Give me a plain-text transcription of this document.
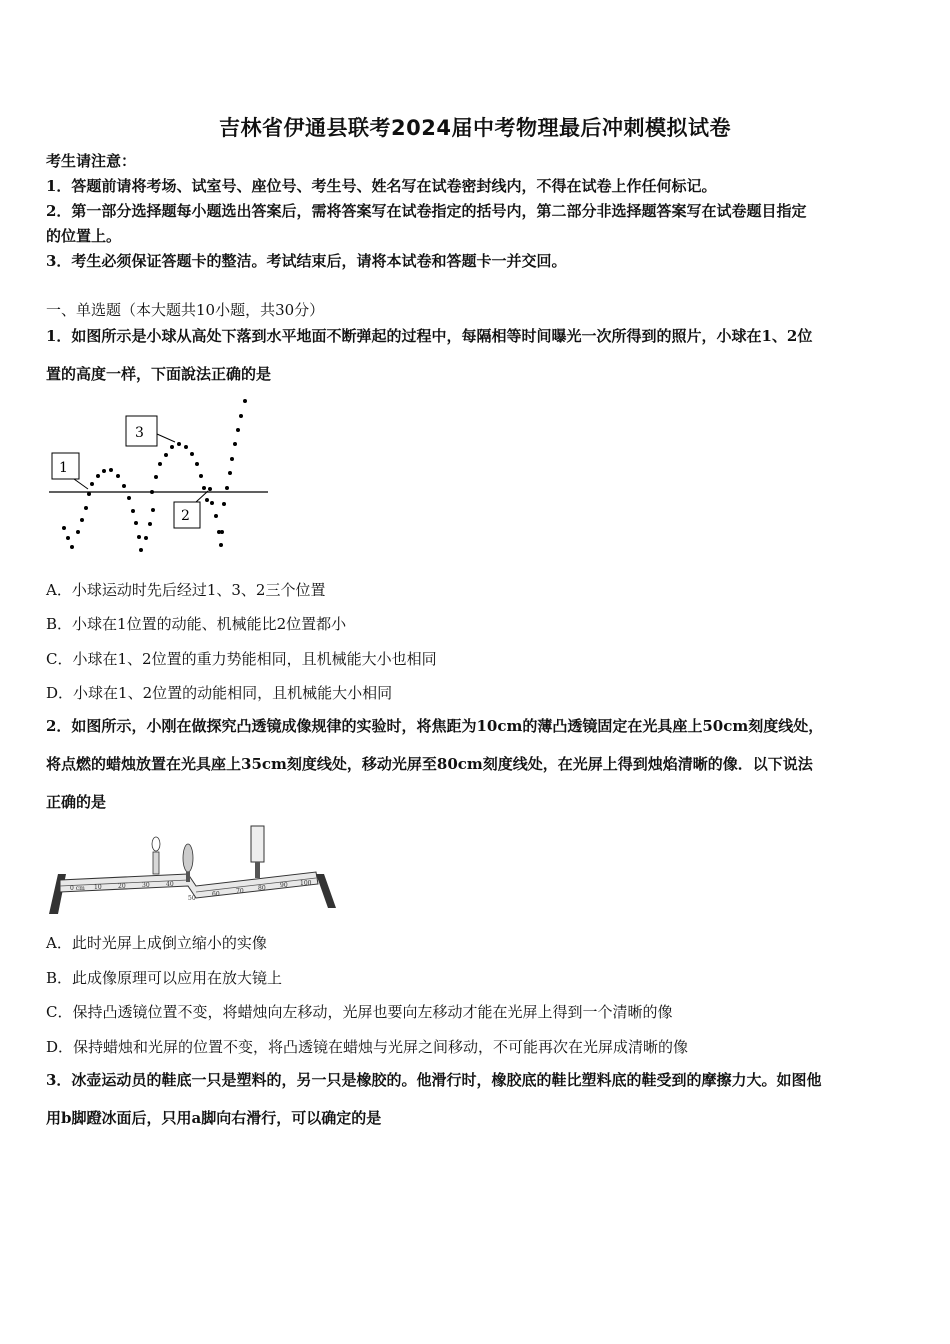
吉林省伊通县联考2024届中考物理最后冲刺模拟试卷
考生请注意：
1．答题前请将考场、试室号、座位号、考生号、姓名写在试卷密封线内，不得在试卷上作任何标记。
2．第一部分选择题每小题选出答案后，需将答案写在试卷指定的括号内，第二部分非选择题答案写在试卷题目指定
的位置上。
3．考生必须保证答题卡的整洁。考试结束后，请将本试卷和答题卡一并交回。
一、单选题（本大题共10小题，共30分）
1．如图所示是小球从高处下落到水平地面不断弹起的过程中，每隔相等时间曝光一次所得到的照片，小球在1、2位
置的高度一样，下面說法正确的是
1
3
2
A．小球运动时先后经过1、3、2三个位置
B．小球在1位置的动能、机械能比2位置都小
C．小球在1、2位置的重力势能相同，且机械能大小也相同
D．小球在1、2位置的动能相同，且机械能大小相同
2．如图所示，小刚在做探究凸透镜成像规律的实验时，将焦距为10cm的薄凸透镜固定在光具座上50cm刻度线处，
将点燃的蜡烛放置在光具座上35cm刻度线处，移动光屏至80cm刻度线处，在光屏上得到烛焰清晰的像．以下说法
正确的是
0 cm 10	20	30	40
50
60	70 80 90 100
A．此时光屏上成倒立缩小的实像
B．此成像原理可以应用在放大镜上
C．保持凸透镜位置不变，将蜡烛向左移动，光屏也要向左移动才能在光屏上得到一个清晰的像
D．保持蜡烛和光屏的位置不变，将凸透镜在蜡烛与光屏之间移动，不可能再次在光屏成清晰的像
3．冰壶运动员的鞋底一只是塑料的，另一只是橡胶的。他滑行时，橡胶底的鞋比塑料底的鞋受到的摩擦力大。如图他
用b脚蹬冰面后，只用a脚向右滑行，可以确定的是
